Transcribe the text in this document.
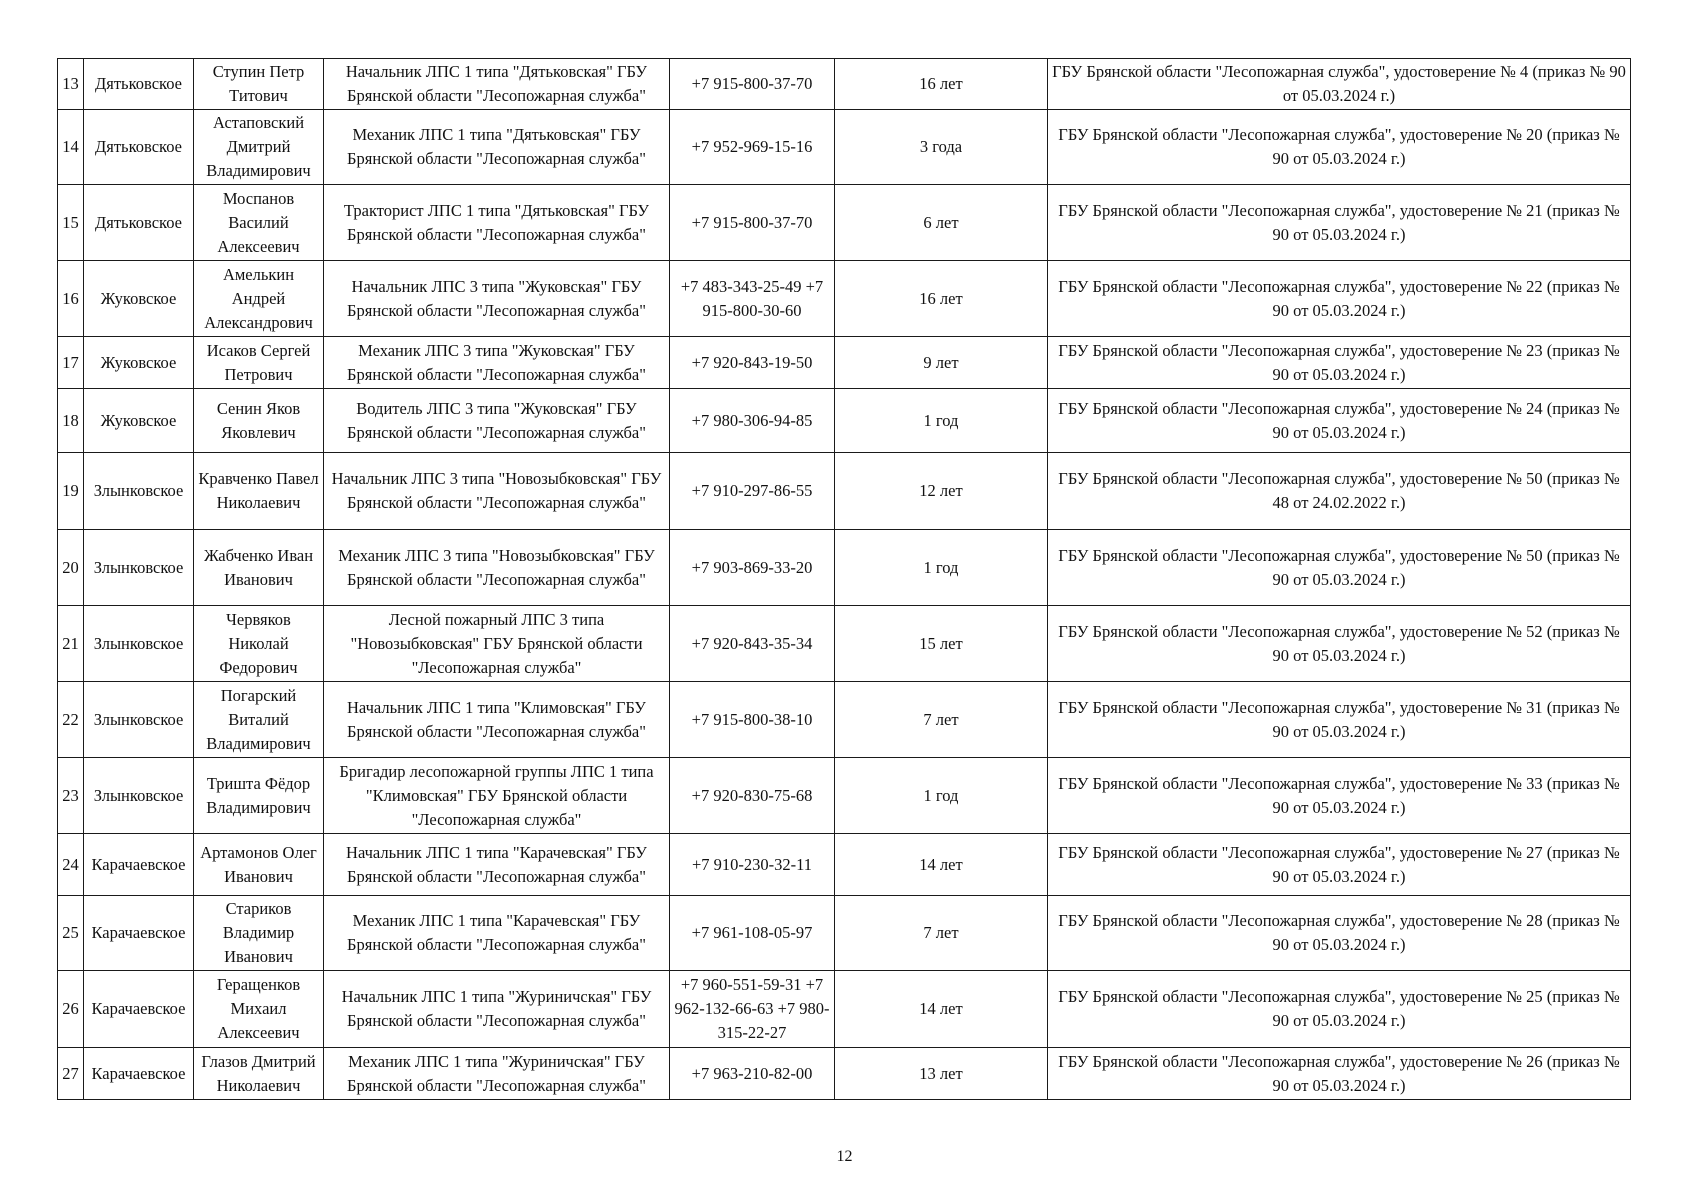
13	Дятьковское	Ступин Петр Титович	Начальник ЛПС 1 типа "Дятьковская" ГБУ Брянской области "Лесопожарная служба"	+7 915-800-37-70	16 лет	ГБУ Брянской области "Лесопожарная служба", удостоверение № 4 (приказ № 90 от 05.03.2024 г.)
14	Дятьковское	Астаповский Дмитрий Владимирович	Механик ЛПС 1 типа "Дятьковская" ГБУ Брянской области "Лесопожарная служба"	+7 952-969-15-16	3 года	ГБУ Брянской области "Лесопожарная служба", удостоверение № 20 (приказ № 90 от 05.03.2024 г.)
15	Дятьковское	Моспанов Василий Алексеевич	Тракторист ЛПС 1 типа "Дятьковская" ГБУ Брянской области "Лесопожарная служба"	+7 915-800-37-70	6 лет	ГБУ Брянской области "Лесопожарная служба", удостоверение № 21 (приказ № 90 от 05.03.2024 г.)
16	Жуковское	Амелькин Андрей Александрович	Начальник ЛПС 3 типа "Жуковская" ГБУ Брянской области "Лесопожарная служба"	+7 483-343-25-49 +7 915-800-30-60	16 лет	ГБУ Брянской области "Лесопожарная служба", удостоверение № 22 (приказ № 90 от 05.03.2024 г.)
17	Жуковское	Исаков Сергей Петрович	Механик ЛПС 3 типа "Жуковская" ГБУ Брянской области "Лесопожарная служба"	+7 920-843-19-50	9 лет	ГБУ Брянской области "Лесопожарная служба", удостоверение № 23 (приказ № 90 от 05.03.2024 г.)
18	Жуковское	Сенин Яков Яковлевич	Водитель ЛПС 3 типа "Жуковская" ГБУ Брянской области "Лесопожарная служба"	+7 980-306-94-85	1 год	ГБУ Брянской области "Лесопожарная служба", удостоверение № 24 (приказ № 90 от 05.03.2024 г.)
19	Злынковское	Кравченко Павел Николаевич	Начальник ЛПС 3 типа "Новозыбковская" ГБУ Брянской области "Лесопожарная служба"	+7 910-297-86-55	12 лет	ГБУ Брянской области "Лесопожарная служба", удостоверение № 50 (приказ № 48 от 24.02.2022 г.)
20	Злынковское	Жабченко Иван Иванович	Механик ЛПС 3 типа "Новозыбковская" ГБУ Брянской области "Лесопожарная служба"	+7 903-869-33-20	1 год	ГБУ Брянской области "Лесопожарная служба", удостоверение № 50 (приказ № 90 от 05.03.2024 г.)
21	Злынковское	Червяков Николай Федорович	Лесной пожарный ЛПС 3 типа "Новозыбковская" ГБУ Брянской области "Лесопожарная служба"	+7 920-843-35-34	15 лет	ГБУ Брянской области "Лесопожарная служба", удостоверение № 52 (приказ № 90 от 05.03.2024 г.)
22	Злынковское	Погарский Виталий Владимирович	Начальник ЛПС 1 типа "Климовская" ГБУ Брянской области "Лесопожарная служба"	+7 915-800-38-10	7 лет	ГБУ Брянской области "Лесопожарная служба", удостоверение № 31 (приказ № 90 от 05.03.2024 г.)
23	Злынковское	Тришта Фёдор Владимирович	Бригадир лесопожарной группы ЛПС 1 типа "Климовская" ГБУ Брянской области "Лесопожарная служба"	+7 920-830-75-68	1 год	ГБУ Брянской области "Лесопожарная служба", удостоверение № 33 (приказ № 90 от 05.03.2024 г.)
24	Карачаевское	Артамонов Олег Иванович	Начальник ЛПС 1 типа "Карачевская" ГБУ Брянской области "Лесопожарная служба"	+7 910-230-32-11	14 лет	ГБУ Брянской области "Лесопожарная служба", удостоверение № 27 (приказ № 90 от 05.03.2024 г.)
25	Карачаевское	Стариков Владимир Иванович	Механик ЛПС 1 типа "Карачевская" ГБУ Брянской области "Лесопожарная служба"	+7 961-108-05-97	7 лет	ГБУ Брянской области "Лесопожарная служба", удостоверение № 28 (приказ № 90 от 05.03.2024 г.)
26	Карачаевское	Геращенков Михаил Алексеевич	Начальник ЛПС 1 типа "Журиничская" ГБУ Брянской области "Лесопожарная служба"	+7 960-551-59-31 +7 962-132-66-63 +7 980-315-22-27	14 лет	ГБУ Брянской области "Лесопожарная служба", удостоверение № 25 (приказ № 90 от 05.03.2024 г.)
27	Карачаевское	Глазов Дмитрий Николаевич	Механик ЛПС 1 типа "Журиничская" ГБУ Брянской области "Лесопожарная служба"	+7 963-210-82-00	13 лет	ГБУ Брянской области "Лесопожарная служба", удостоверение № 26 (приказ № 90 от 05.03.2024 г.)
12
